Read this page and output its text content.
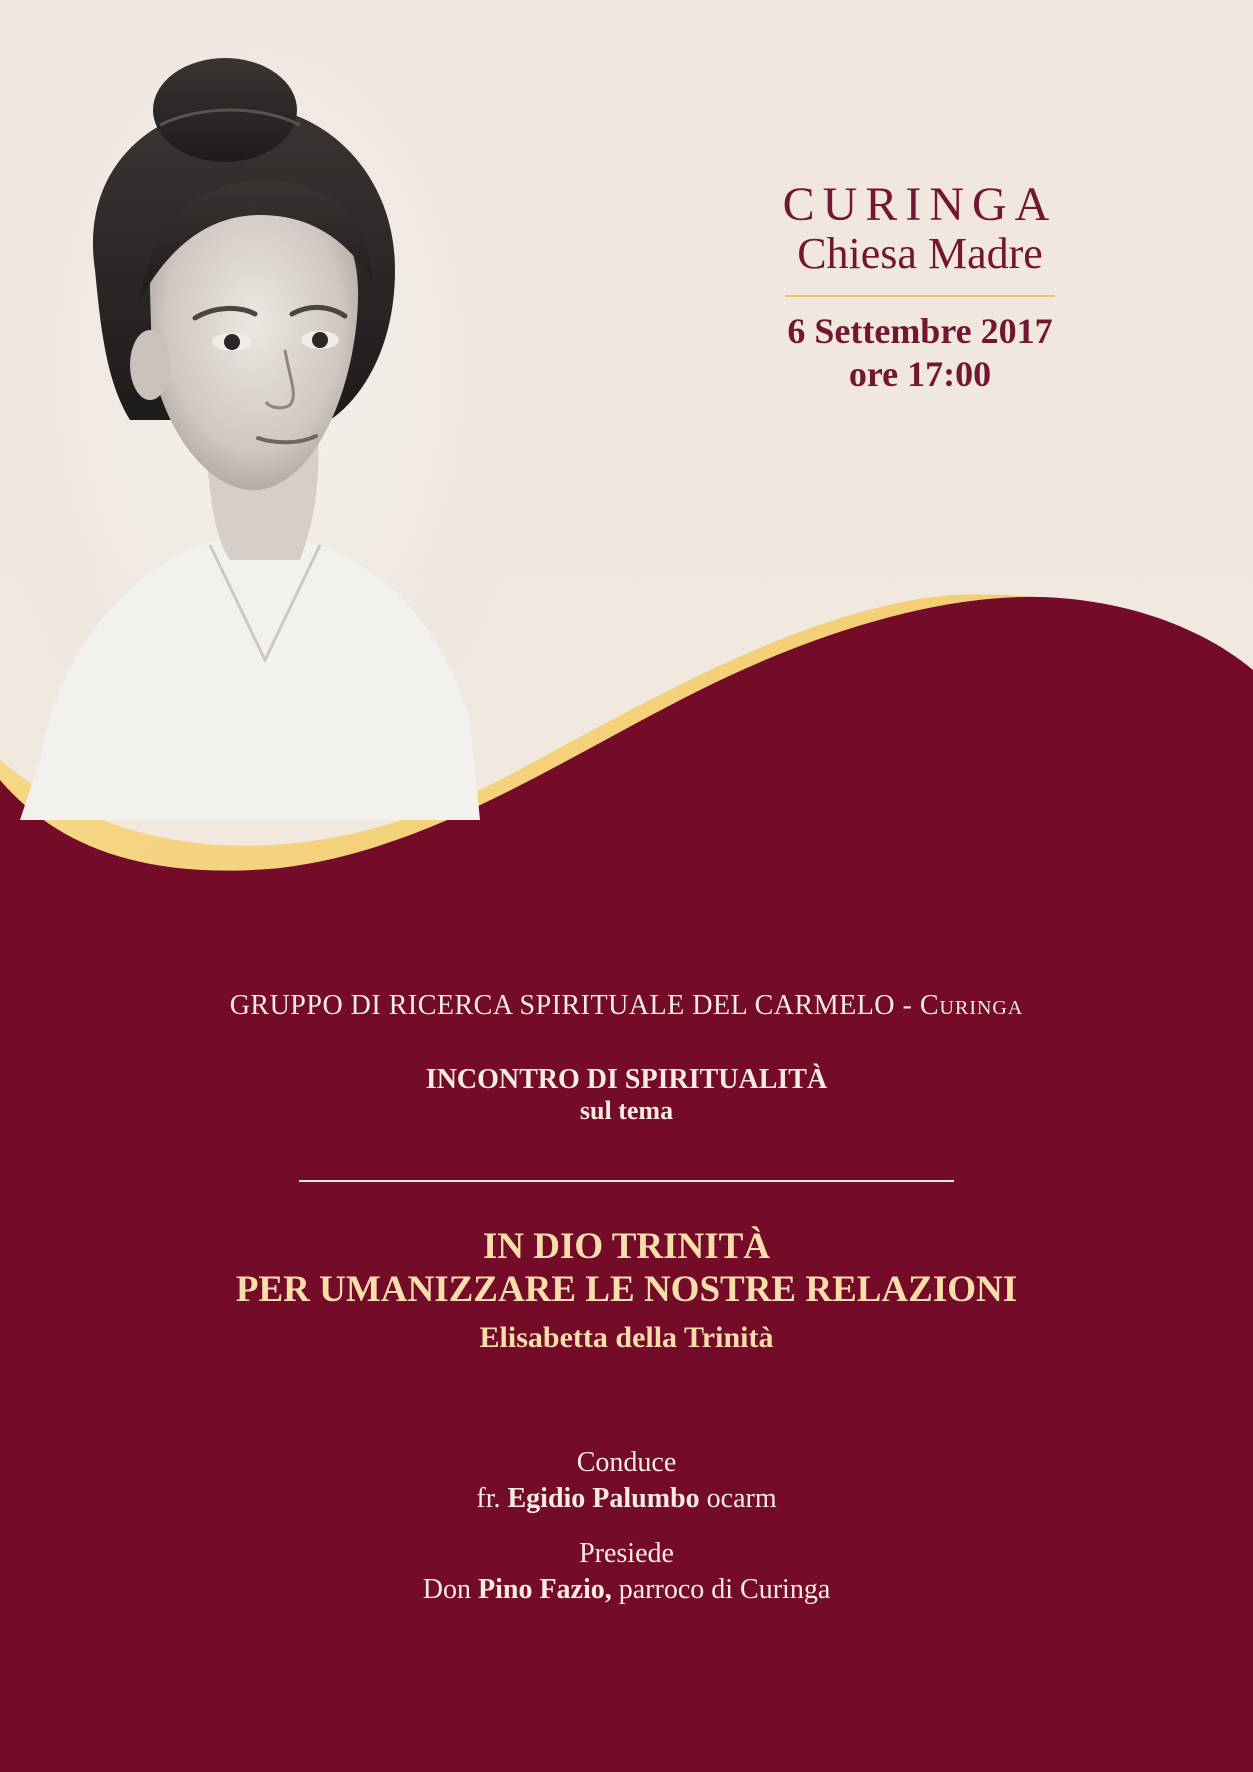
CURINGA
Chiesa Madre
6 Settembre 2017
ore 17:00
GRUPPO DI RICERCA SPIRITUALE DEL CARMELO - Curinga
INCONTRO DI SPIRITUALITÀ
sul tema
IN DIO TRINITÀ
PER UMANIZZARE LE NOSTRE RELAZIONI
Elisabetta della Trinità
Conduce
fr. Egidio Palumbo ocarm
Presiede
Don Pino Fazio, parroco di Curinga
